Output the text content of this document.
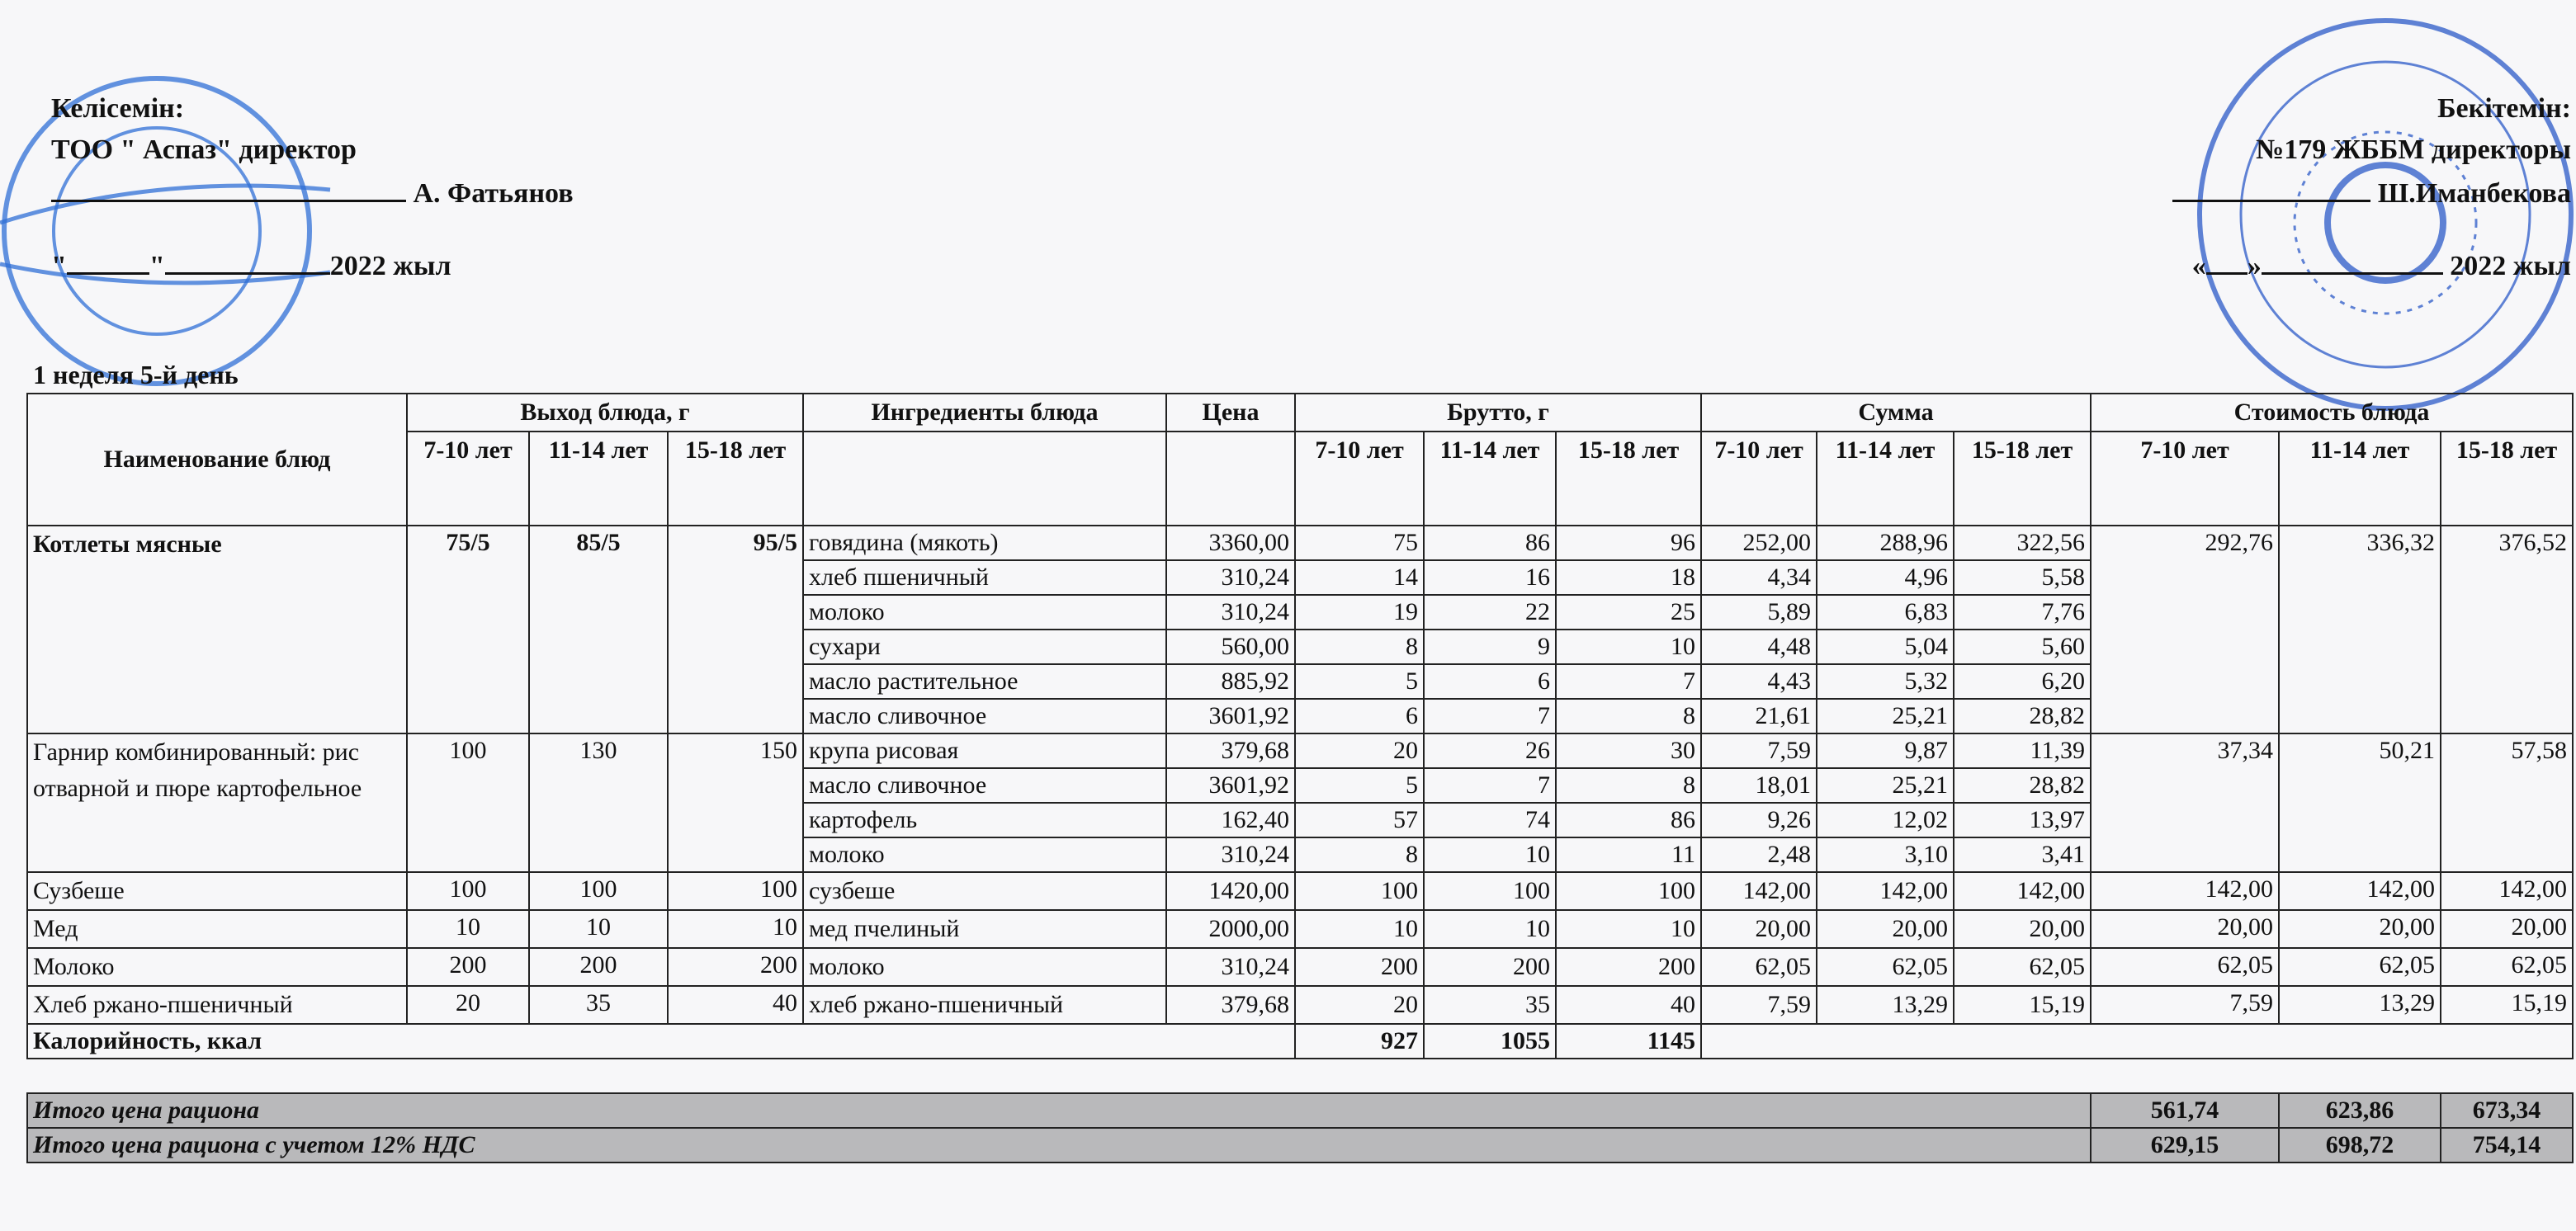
Келісемін:
ТОО " Аспаз" директор
А. Фатьянов
"	"	2022 жыл
Бекітемін:
№179 ЖББМ директоры
Ш.Иманбекова
« »	2022 жыл
1 неделя 5-й день
Наименование блюд	Выход блюда, г			Ингредиенты блюда	Цена	Брутто, г			Сумма			Стоимость блюда		
	7-10 лет	11-14 лет	15-18 лет			7-10 лет	11-14 лет	15-18 лет	7-10 лет	11-14 лет	15-18 лет	7-10 лет	11-14 лет	15-18 лет
Котлеты мясные	75/5	85/5	95/5	говядина (мякоть)	3360,00	75	86	96	252,00	288,96	322,56	292,76	336,32	376,52
				хлеб пшеничный	310,24	14	16	18	4,34	4,96	5,58			
				молоко	310,24	19	22	25	5,89	6,83	7,76			
				сухари	560,00	8	9	10	4,48	5,04	5,60			
				масло растительное	885,92	5	6	7	4,43	5,32	6,20			
				масло сливочное	3601,92	6	7	8	21,61	25,21	28,82			
Гарнир комбинированный: рис отварной и пюре картофельное	100	130	150	крупа рисовая	379,68	20	26	30	7,59	9,87	11,39	37,34	50,21	57,58
				масло сливочное	3601,92	5	7	8	18,01	25,21	28,82			
				картофель	162,40	57	74	86	9,26	12,02	13,97			
				молоко	310,24	8	10	11	2,48	3,10	3,41			
Сузбеше	100	100	100	сузбеше	1420,00	100	100	100	142,00	142,00	142,00	142,00	142,00	142,00
Мед	10	10	10	мед пчелиный	2000,00	10	10	10	20,00	20,00	20,00	20,00	20,00	20,00
Молоко	200	200	200	молоко	310,24	200	200	200	62,05	62,05	62,05	62,05	62,05	62,05
Хлеб ржано-пшеничный	20	35	40	хлеб ржано-пшеничный	379,68	20	35	40	7,59	13,29	15,19	7,59	13,29	15,19
Калорийность, ккал						927	1055	1145						

Итого цена рациона												561,74	623,86	673,34
Итого цена рациона с учетом 12% НДС												629,15	698,72	754,14
